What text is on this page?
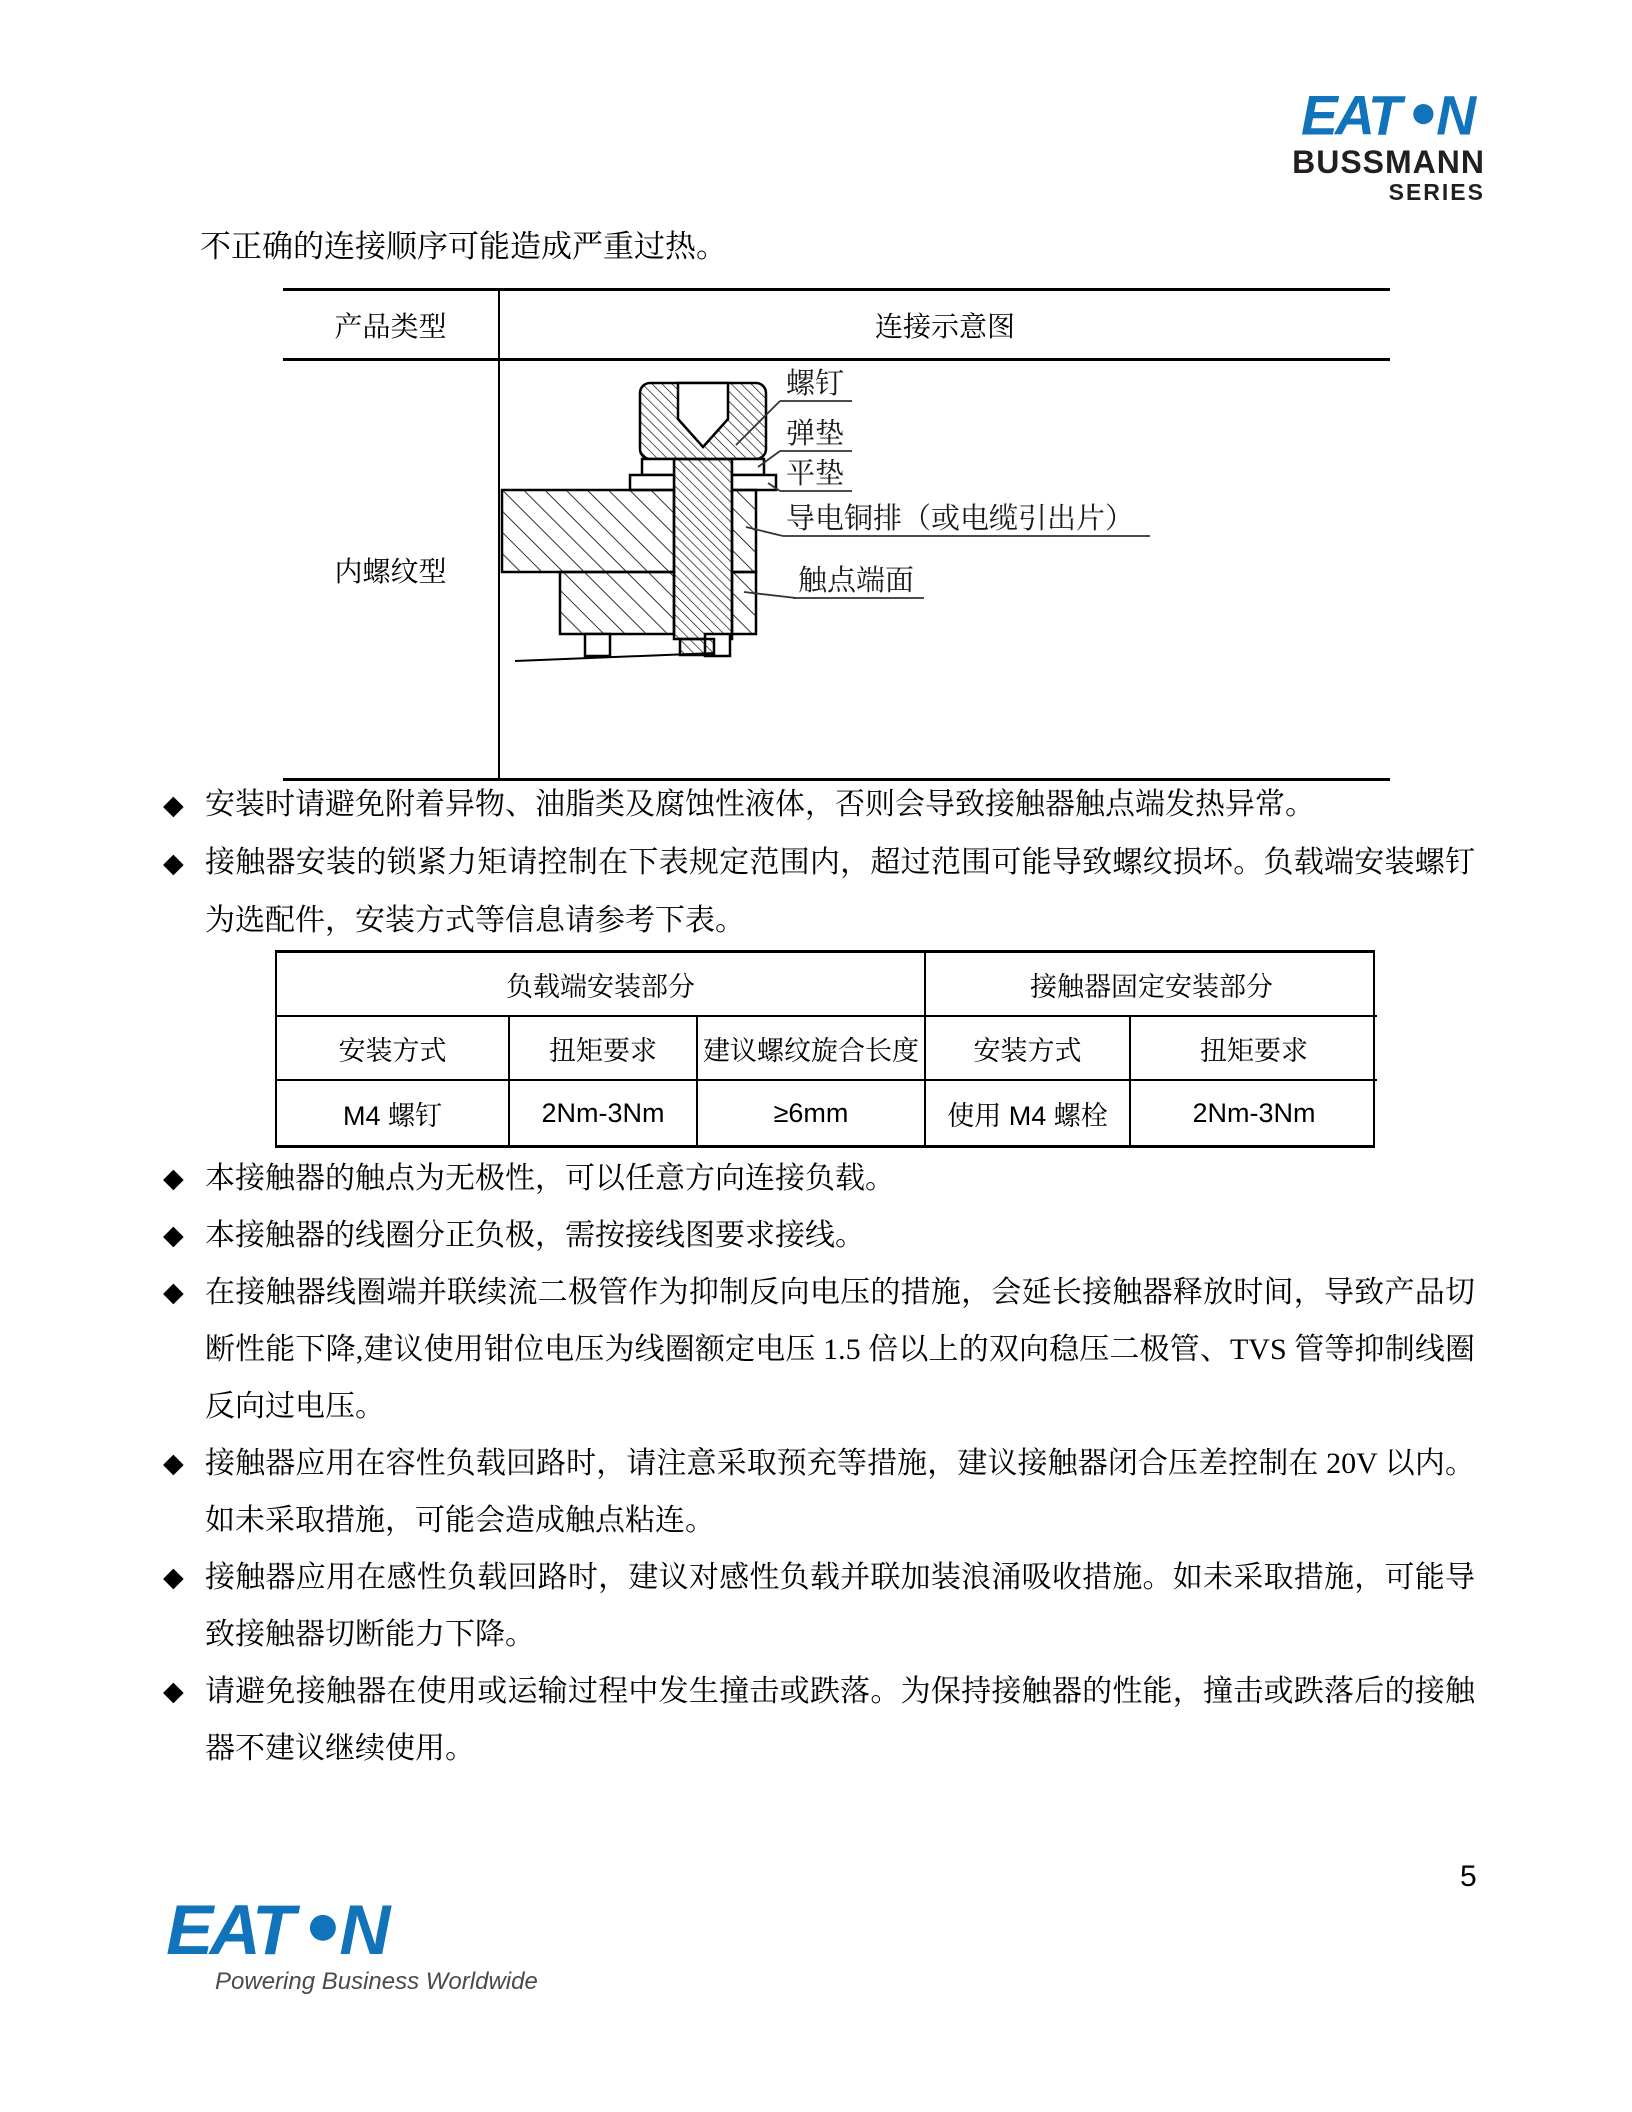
EAT N
BUSSMANN
SERIES

不正确的连接顺序可能造成严重过热。

产品类型	连接示意图
内螺纹型
螺钉
弹垫
平垫
导电铜排（或电缆引出片）
触点端面
◆ 安装时请避免附着异物、油脂类及腐蚀性液体，否则会导致接触器触点端发热异常。
◆ 接触器安装的锁紧力矩请控制在下表规定范围内，超过范围可能导致螺纹损坏。负载端安装螺钉为选配件，安装方式等信息请参考下表。
负载端安装部分	接触器固定安装部分
安装方式	扭矩要求	建议螺纹旋合长度	安装方式	扭矩要求
M4 螺钉	2Nm-3Nm	≥6mm	使用 M4 螺栓	2Nm-3Nm
◆ 本接触器的触点为无极性，可以任意方向连接负载。
◆ 本接触器的线圈分正负极，需按接线图要求接线。
◆ 在接触器线圈端并联续流二极管作为抑制反向电压的措施，会延长接触器释放时间，导致产品切断性能下降,建议使用钳位电压为线圈额定电压 1.5 倍以上的双向稳压二极管、TVS 管等抑制线圈反向过电压。
◆ 接触器应用在容性负载回路时，请注意采取预充等措施，建议接触器闭合压差控制在 20V 以内。如未采取措施，可能会造成触点粘连。
◆ 接触器应用在感性负载回路时，建议对感性负载并联加装浪涌吸收措施。如未采取措施，可能导致接触器切断能力下降。
◆ 请避免接触器在使用或运输过程中发生撞击或跌落。为保持接触器的性能，撞击或跌落后的接触器不建议继续使用。
EAT N
Powering Business Worldwide
5
